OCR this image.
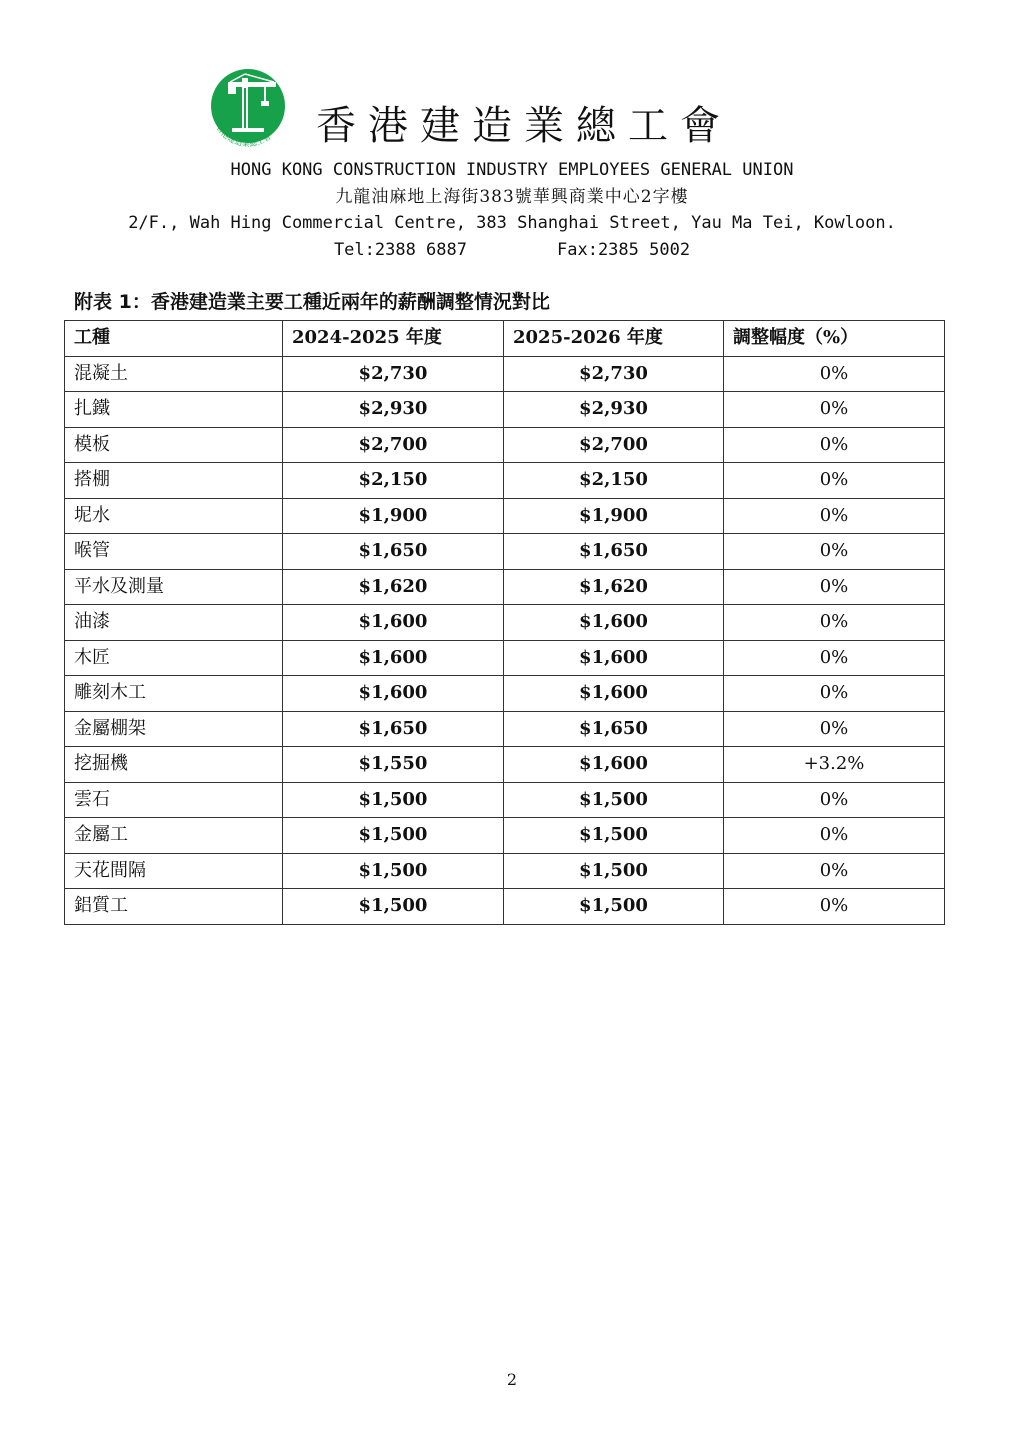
香港建造業總工會 香港建造業總工會
HONG KONG CONSTRUCTION INDUSTRY EMPLOYEES GENERAL UNION
九龍油麻地上海街383號華興商業中心2字樓
2/F., Wah Hing Commercial Centre, 383 Shanghai Street, Yau Ma Tei, Kowloon.
Tel:2388 6887	Fax:2385 5002
附表 1：香港建造業主要工種近兩年的薪酬調整情況對比
工種	2024-2025 年度	2025-2026 年度	調整幅度（%）
混凝土	$2,730	$2,730	0%
扎鐵	$2,930	$2,930	0%
模板	$2,700	$2,700	0%
搭棚	$2,150	$2,150	0%
坭水	$1,900	$1,900	0%
喉管	$1,650	$1,650	0%
平水及測量	$1,620	$1,620	0%
油漆	$1,600	$1,600	0%
木匠	$1,600	$1,600	0%
雕刻木工	$1,600	$1,600	0%
金屬棚架	$1,650	$1,650	0%
挖掘機	$1,550	$1,600	+3.2%
雲石	$1,500	$1,500	0%
金屬工	$1,500	$1,500	0%
天花間隔	$1,500	$1,500	0%
鋁質工	$1,500	$1,500	0%
2
